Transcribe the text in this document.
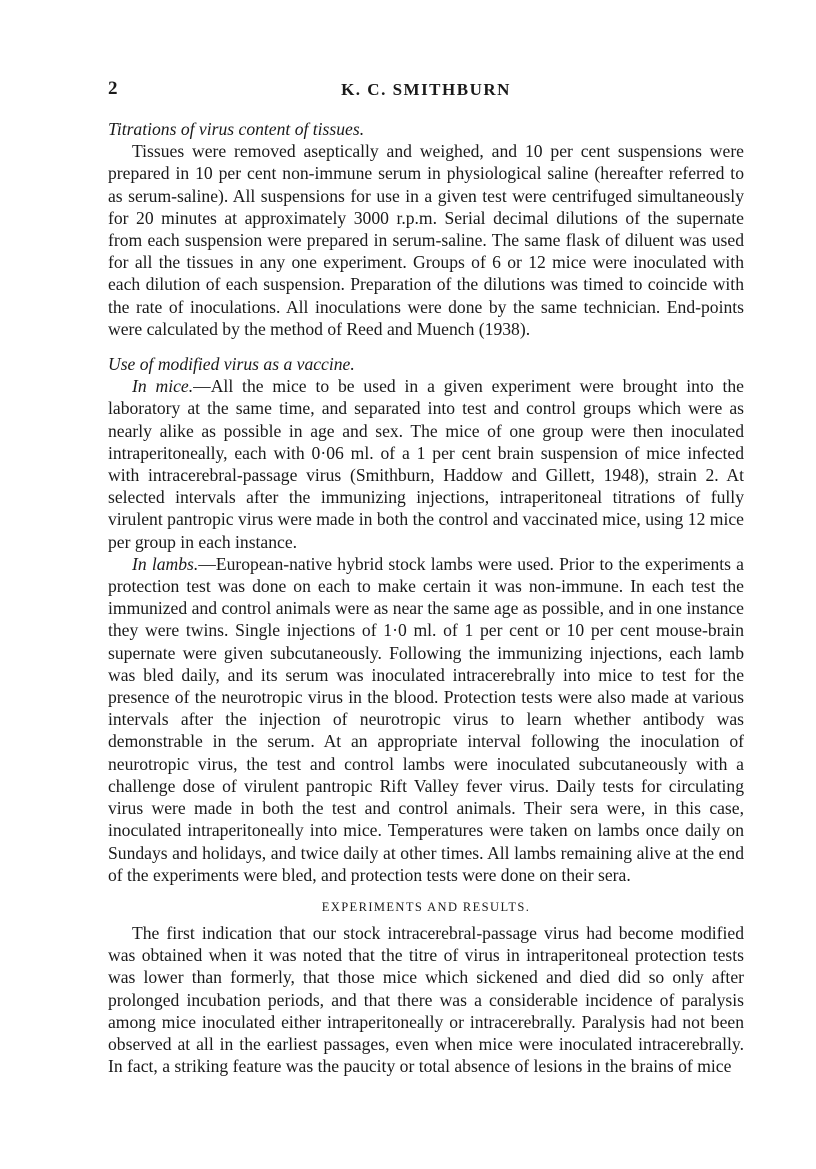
2	K. C. SMITHBURN
Titrations of virus content of tissues.

Tissues were removed aseptically and weighed, and 10 per cent suspensions were prepared in 10 per cent non-immune serum in physiological saline (hereafter referred to as serum-saline). All suspensions for use in a given test were centrifuged simultaneously for 20 minutes at approximately 3000 r.p.m. Serial decimal dilutions of the supernate from each suspension were prepared in serum-saline. The same flask of diluent was used for all the tissues in any one experiment. Groups of 6 or 12 mice were inoculated with each dilution of each suspension. Preparation of the dilutions was timed to coincide with the rate of inoculations. All inoculations were done by the same technician. End-points were calculated by the method of Reed and Muench (1938).

Use of modified virus as a vaccine.

In mice.—All the mice to be used in a given experiment were brought into the laboratory at the same time, and separated into test and control groups which were as nearly alike as possible in age and sex. The mice of one group were then inoculated intraperitoneally, each with 0·06 ml. of a 1 per cent brain suspension of mice infected with intracerebral-passage virus (Smithburn, Haddow and Gillett, 1948), strain 2. At selected intervals after the immunizing injections, intraperitoneal titrations of fully virulent pantropic virus were made in both the control and vaccinated mice, using 12 mice per group in each instance.

In lambs.—European-native hybrid stock lambs were used. Prior to the experiments a protection test was done on each to make certain it was non-immune. In each test the immunized and control animals were as near the same age as possible, and in one instance they were twins. Single injections of 1·0 ml. of 1 per cent or 10 per cent mouse-brain supernate were given subcutaneously. Following the immunizing injections, each lamb was bled daily, and its serum was inoculated intracerebrally into mice to test for the presence of the neurotropic virus in the blood. Protection tests were also made at various intervals after the injection of neurotropic virus to learn whether antibody was demonstrable in the serum. At an appropriate interval following the inoculation of neurotropic virus, the test and control lambs were inoculated subcutaneously with a challenge dose of virulent pantropic Rift Valley fever virus. Daily tests for circulating virus were made in both the test and control animals. Their sera were, in this case, inoculated intraperitoneally into mice. Temperatures were taken on lambs once daily on Sundays and holidays, and twice daily at other times. All lambs remaining alive at the end of the experiments were bled, and protection tests were done on their sera.

EXPERIMENTS AND RESULTS.

The first indication that our stock intracerebral-passage virus had become modified was obtained when it was noted that the titre of virus in intraperitoneal protection tests was lower than formerly, that those mice which sickened and died did so only after prolonged incubation periods, and that there was a considerable incidence of paralysis among mice inoculated either intraperitoneally or intracerebrally. Paralysis had not been observed at all in the earliest passages, even when mice were inoculated intracerebrally. In fact, a striking feature was the paucity or total absence of lesions in the brains of mice
